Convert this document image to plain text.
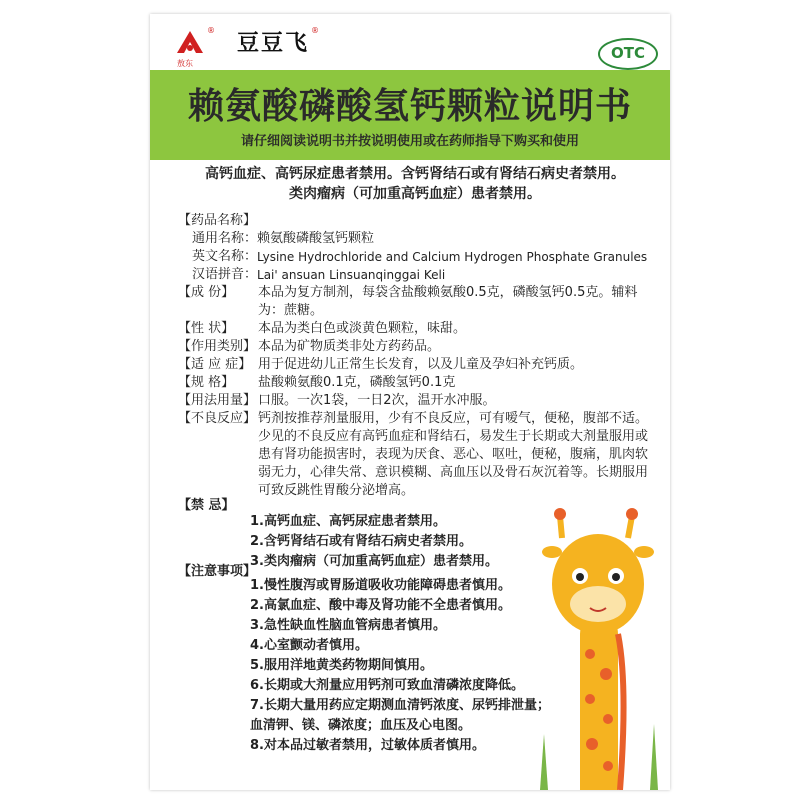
敖东
®
豆豆飞
®
OTC
赖氨酸磷酸氢钙颗粒说明书
请仔细阅读说明书并按说明使用或在药师指导下购买和使用
高钙血症、高钙尿症患者禁用。含钙肾结石或有肾结石病史者禁用。
类肉瘤病（可加重高钙血症）患者禁用。
【药品名称】
通用名称： 赖氨酸磷酸氢钙颗粒
英文名称： Lysine Hydrochloride and Calcium Hydrogen Phosphate Granules
汉语拼音： Lai' ansuan Linsuanqinggai Keli
【成 份】	本品为复方制剂，每袋含盐酸赖氨酸0.5克，磷酸氢钙0.5克。辅料为：蔗糖。
【性 状】	本品为类白色或淡黄色颗粒，味甜。
【作用类别】 本品为矿物质类非处方药药品。
【适 应 症】 用于促进幼儿正常生长发育，以及儿童及孕妇补充钙质。
【规 格】	盐酸赖氨酸0.1克，磷酸氢钙0.1克
【用法用量】 口服。一次1袋，一日2次，温开水冲服。
【不良反应】 钙剂按推荐剂量服用，少有不良反应，可有嗳气，便秘，腹部不适。少见的不良反应有高钙血症和肾结石，易发生于长期或大剂量服用或患有肾功能损害时，表现为厌食、恶心、呕吐，便秘，腹痛，肌肉软弱无力，心律失常、意识模糊、高血压以及骨石灰沉着等。长期服用可致反跳性胃酸分泌增高。
【禁 忌】
1.高钙血症、高钙尿症患者禁用。
2.含钙肾结石或有肾结石病史者禁用。
3.类肉瘤病（可加重高钙血症）患者禁用。
【注意事项】
1.慢性腹泻或胃肠道吸收功能障碍患者慎用。
2.高氯血症、酸中毒及肾功能不全患者慎用。
3.急性缺血性脑血管病患者慎用。
4.心室颤动者慎用。
5.服用洋地黄类药物期间慎用。
6.长期或大剂量应用钙剂可致血清磷浓度降低。
7.长期大量用药应定期测血清钙浓度、尿钙排泄量；血清钾、镁、磷浓度；血压及心电图。
8.对本品过敏者禁用，过敏体质者慎用。
